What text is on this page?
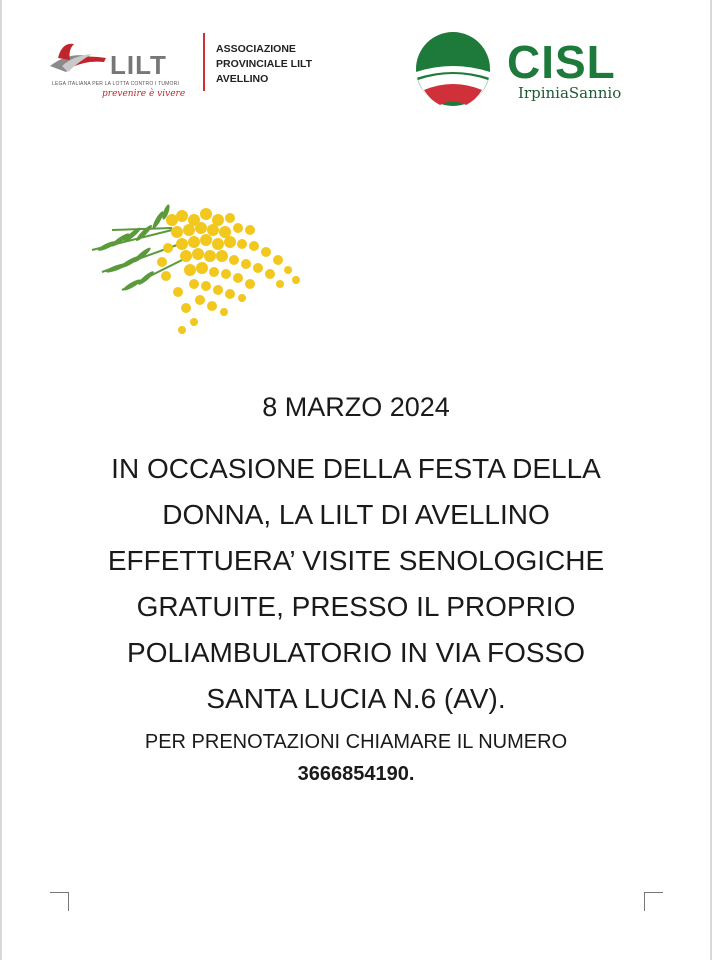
LILT
LEGA ITALIANA PER LA LOTTA CONTRO I TUMORI
prevenire è vivere
ASSOCIAZIONE
PROVINCIALE LILT
AVELLINO	CISL
IrpiniaSannio
8 MARZO 2024
IN OCCASIONE DELLA FESTA DELLA
DONNA, LA LILT DI AVELLINO
EFFETTUERA’ VISITE SENOLOGICHE
GRATUITE, PRESSO IL PROPRIO
POLIAMBULATORIO IN VIA FOSSO
SANTA LUCIA N.6 (AV).
PER PRENOTAZIONI CHIAMARE IL NUMERO
3666854190.
